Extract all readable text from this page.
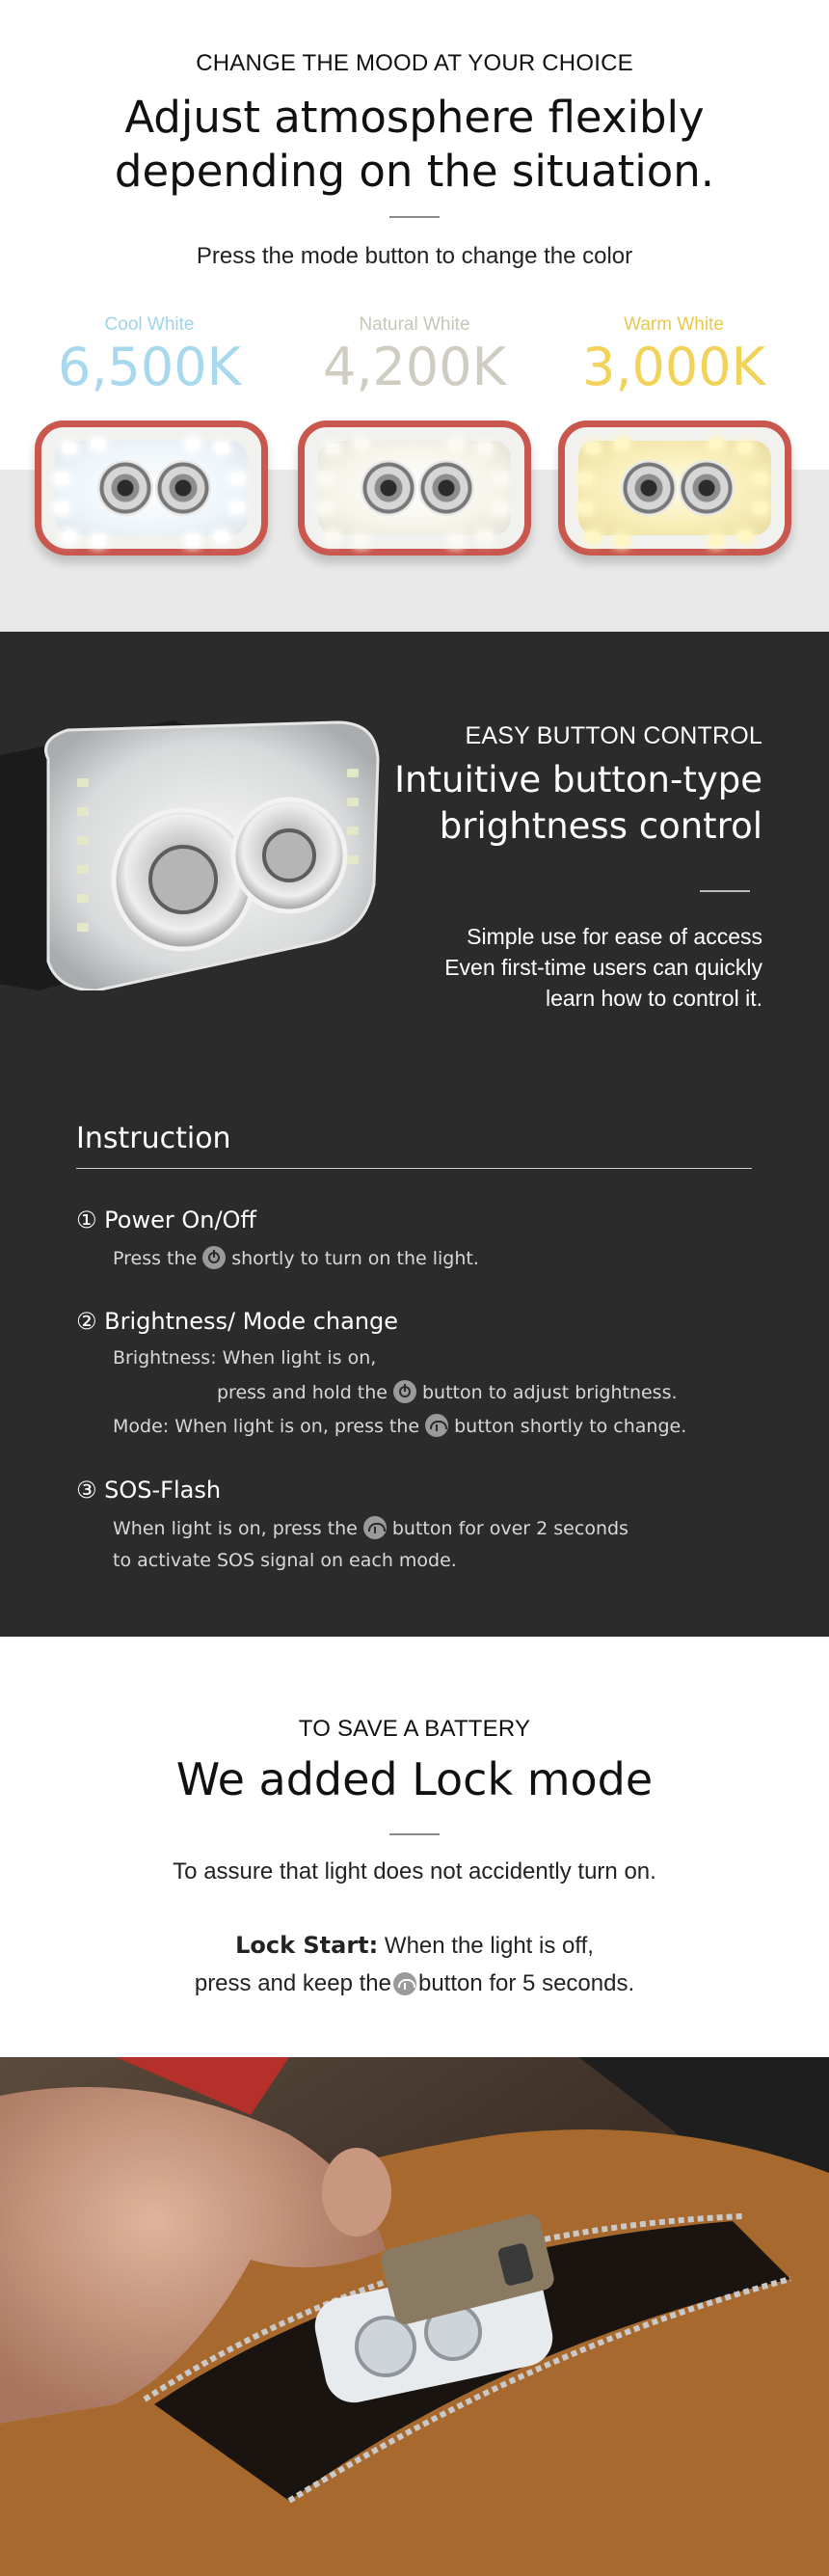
CHANGE THE MOOD AT YOUR CHOICE
Adjust atmosphere flexibly
depending on the situation.
Press the mode button to change the color
Cool White
6,500K
Natural White
4,200K
Warm White
3,000K
EASY BUTTON CONTROL
Intuitive button-type
brightness control
Simple use for ease of access
Even first-time users can quickly
learn how to control it.
Instruction
① Power On/Off
Press the shortly to turn on the light.
② Brightness/ Mode change
Brightness: When light is on,
press and hold the button to adjust brightness.
Mode: When light is on, press the button shortly to change.
③ SOS-Flash
When light is on, press the button for over 2 seconds
to activate SOS signal on each mode.
TO SAVE A BATTERY
We added Lock mode
To assure that light does not accidently turn on.
Lock Start: When the light is off,
press and keep the button for 5 seconds.
